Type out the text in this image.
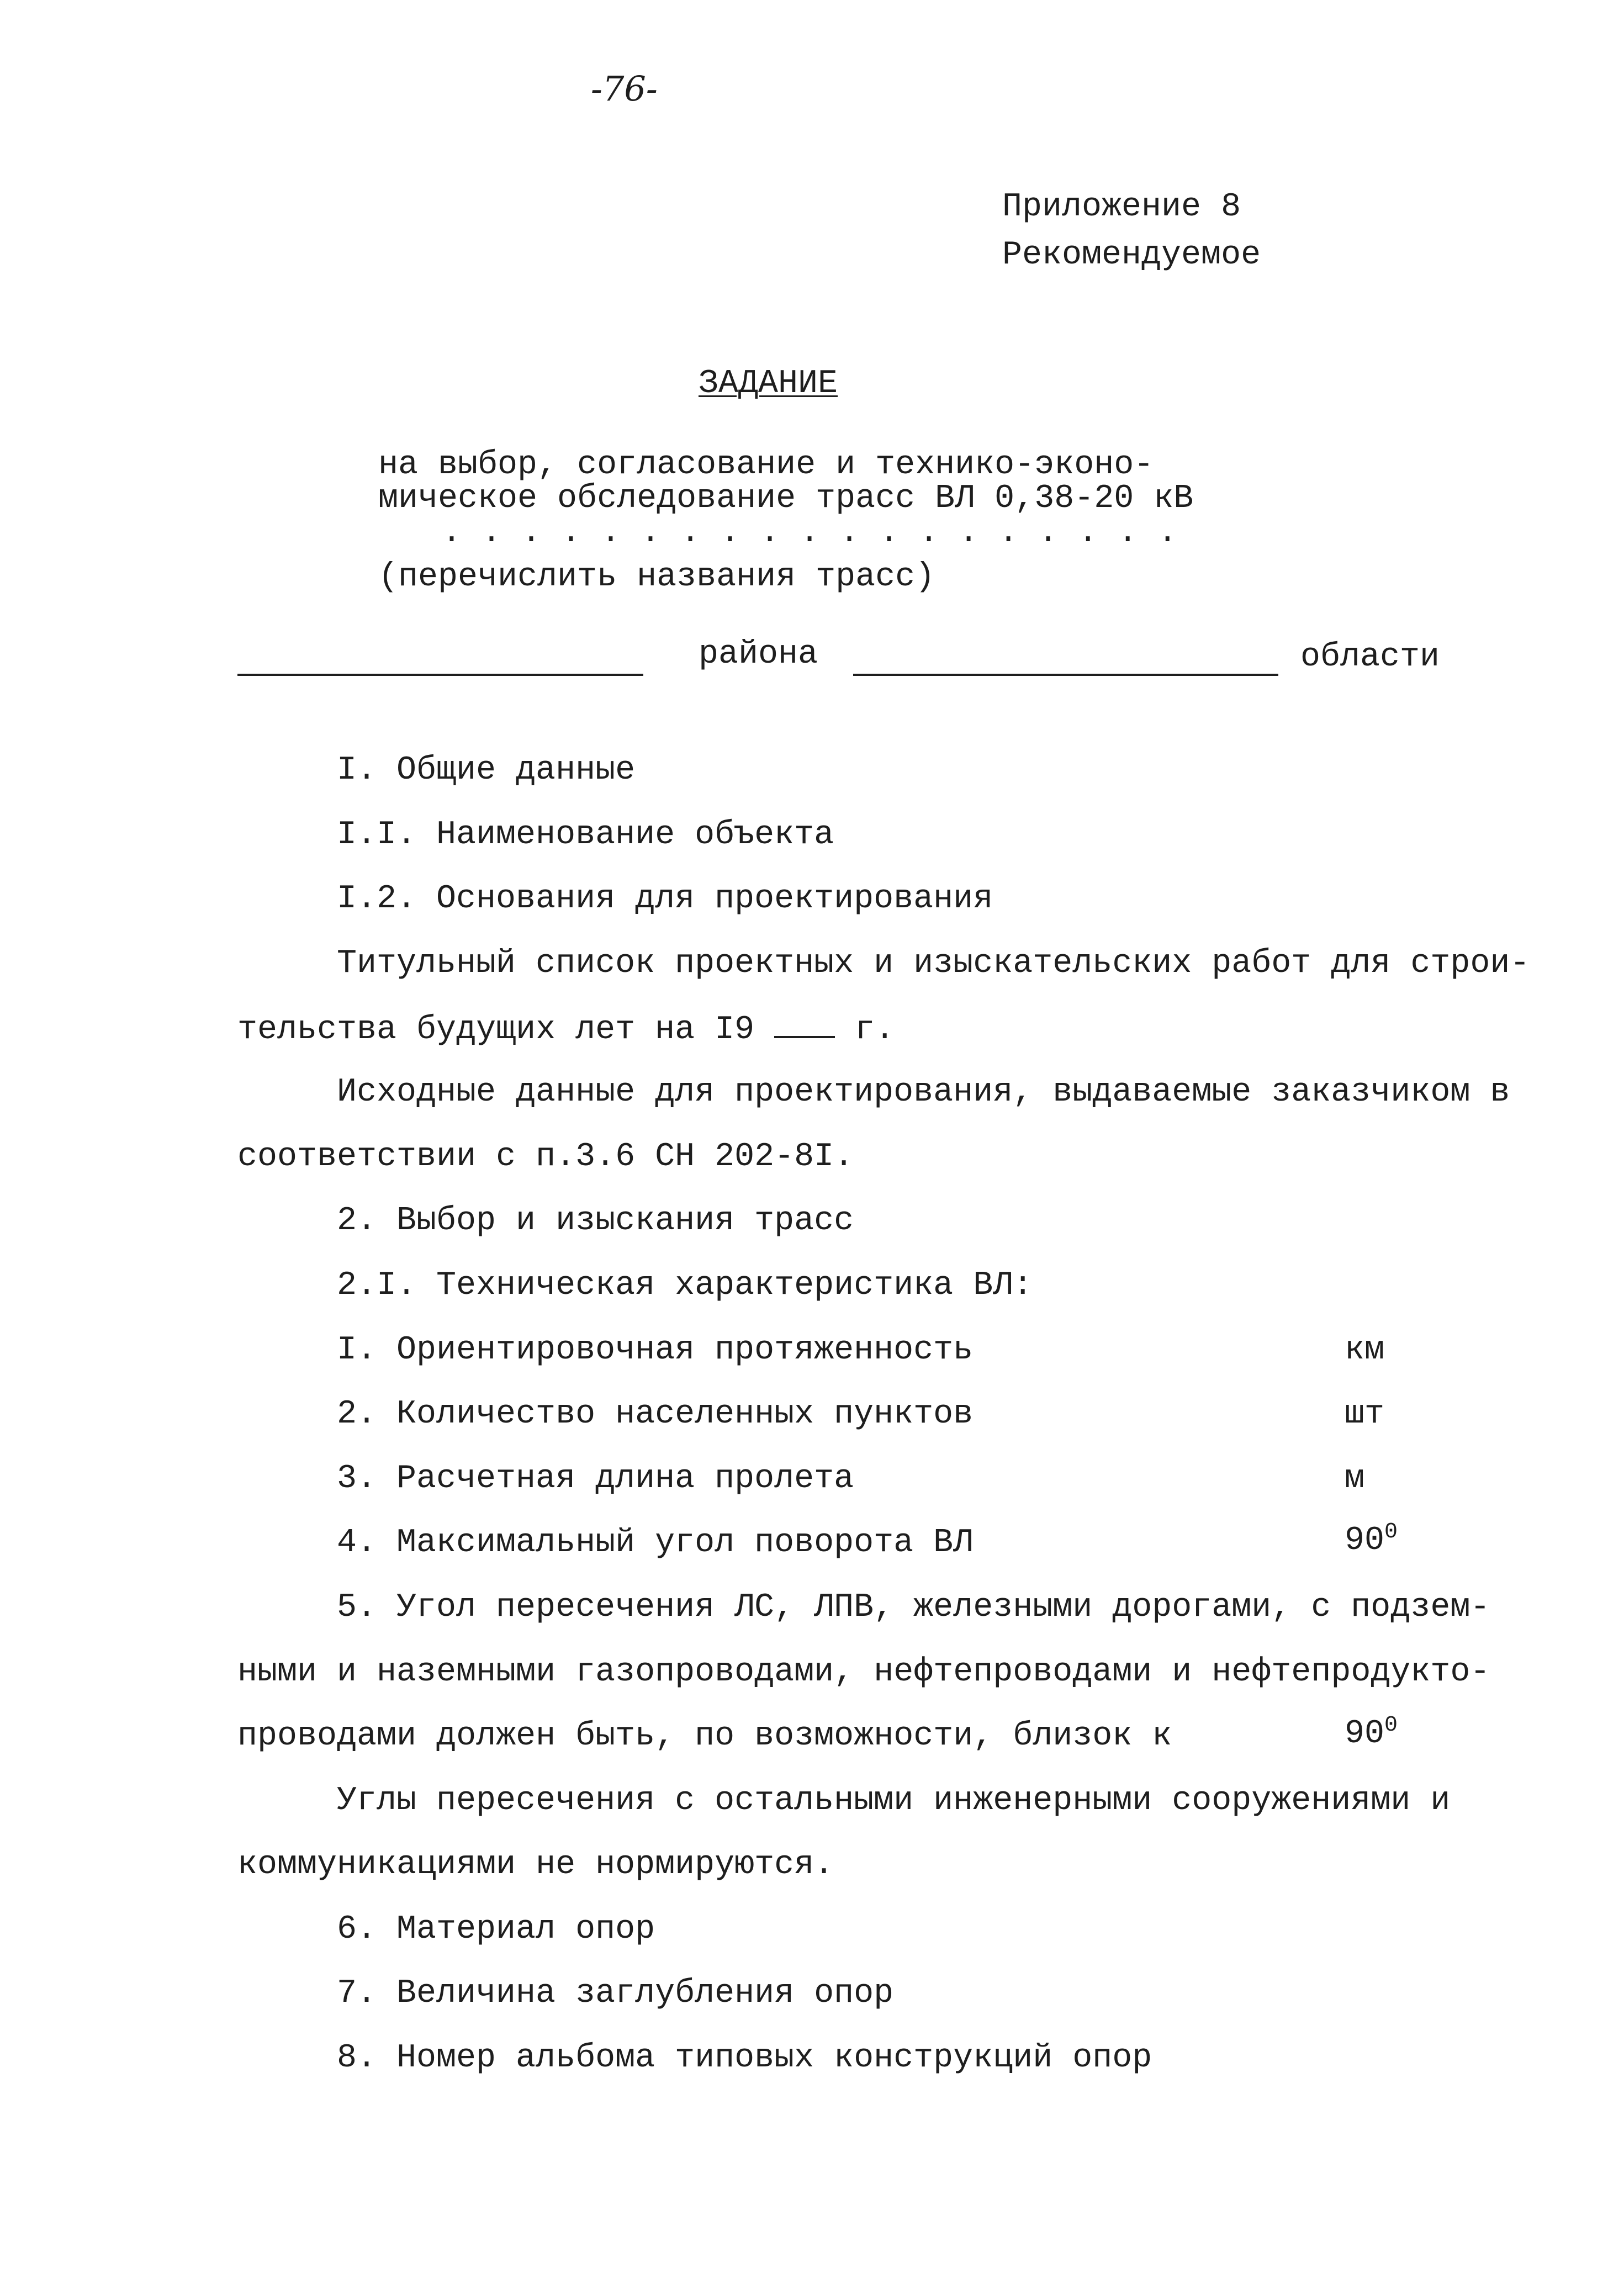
-76-
Приложение 8
Рекомендуемое
ЗАДАНИЕ
на выбор, согласование и технико-эконо-
мическое обследование трасс ВЛ 0,38-20 кВ
. . . . . . . . . . . . . . . . . . .
(перечислить названия трасс)
района	области
I. Общие данные
I.I. Наименование объекта
I.2. Основания для проектирования
Титульный список проектных и изыскательских работ для строи-
тельства будущих лет на I9	г.
Исходные данные для проектирования, выдаваемые заказчиком в
соответствии с п.3.6 СН 202-8I.
2. Выбор и изыскания трасс
2.I. Техническая характеристика ВЛ:
I. Ориентировочная протяженность	км
2. Количество населенных пунктов	шт
3. Расчетная длина пролета	м
4. Максимальный угол поворота ВЛ	$90^0$
5. Угол пересечения ЛС, ЛПВ, железными дорогами, с подзем-
ными и наземными газопроводами, нефтепроводами и нефтепродукто-
проводами должен быть, по возможности, близок к	$90^0$
Углы пересечения с остальными инженерными сооружениями и
коммуникациями не нормируются.
6. Материал опор
7. Величина заглубления опор
8. Номер альбома типовых конструкций опор
